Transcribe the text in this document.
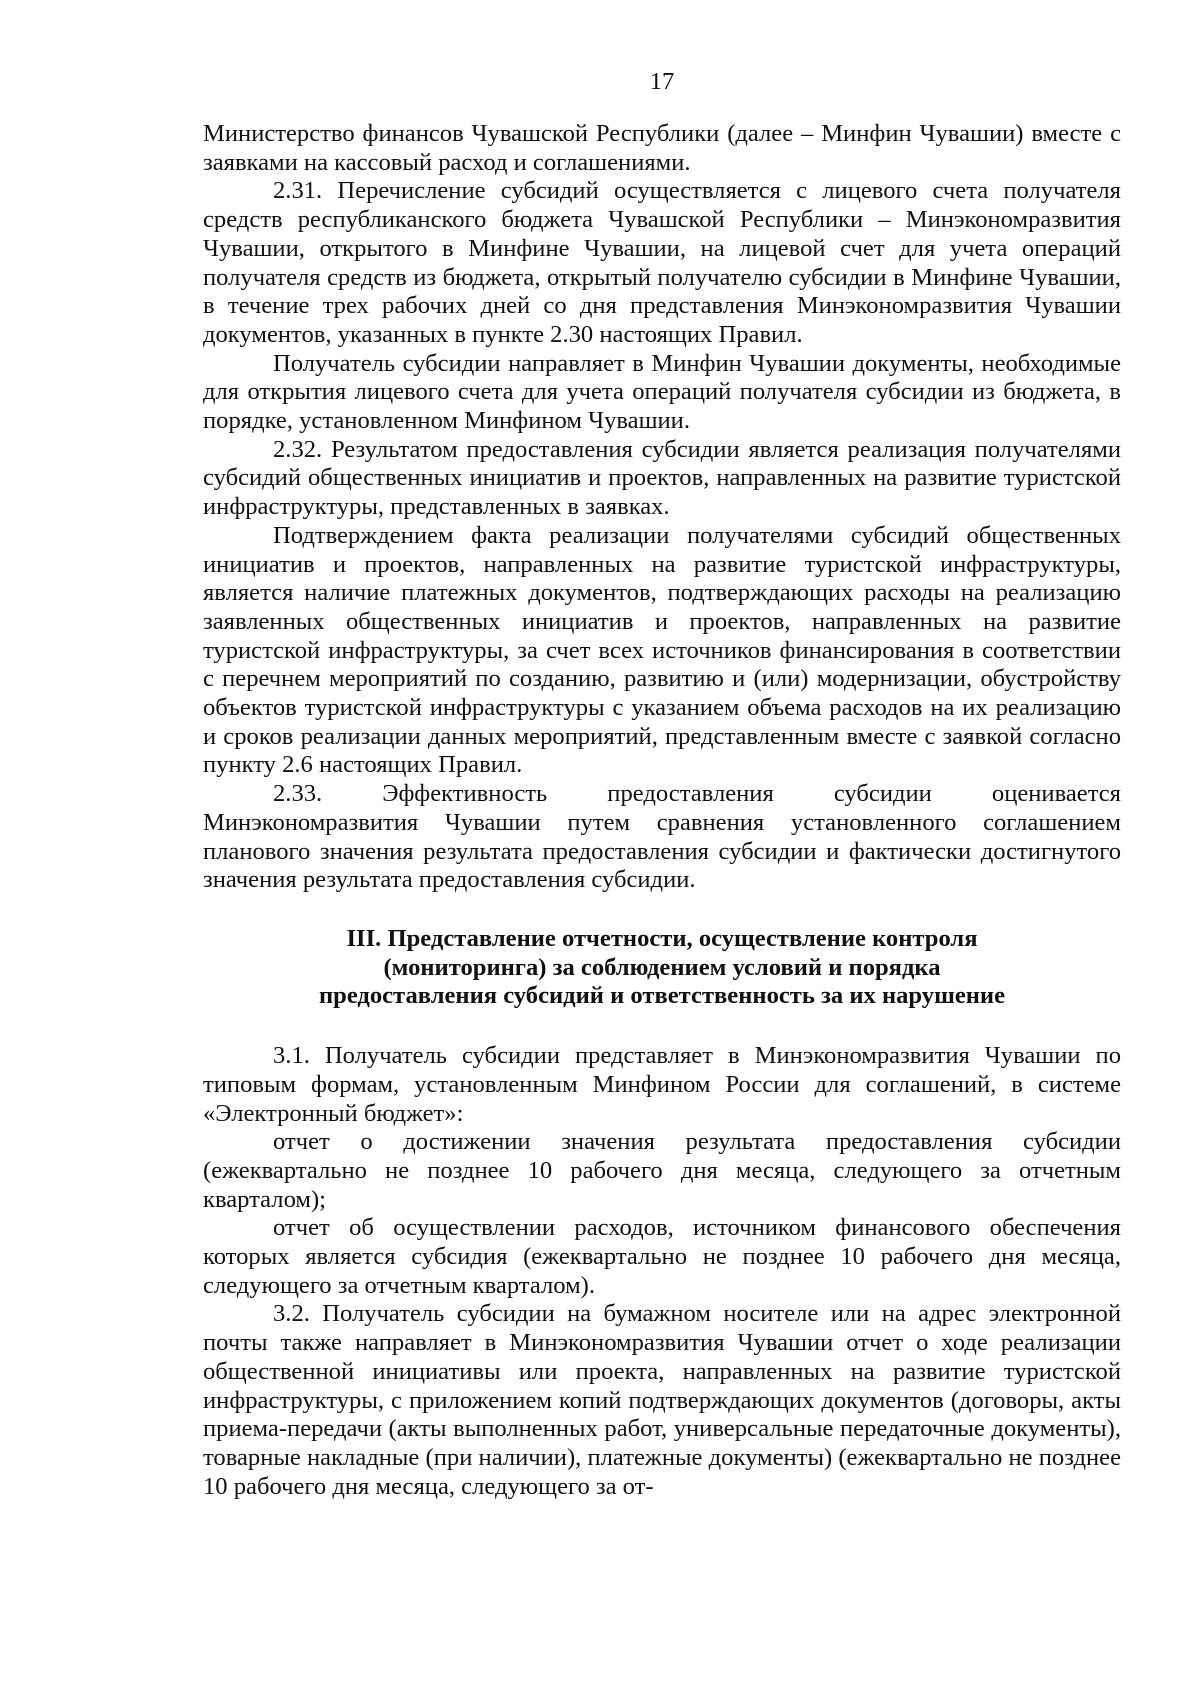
17

Министерство финансов Чувашской Республики (далее – Минфин Чувашии) вместе с заявками на кассовый расход и соглашениями.

2.31. Перечисление субсидий осуществляется с лицевого счета получателя средств республиканского бюджета Чувашской Республики – Минэкономразвития Чувашии, открытого в Минфине Чувашии, на лицевой счет для учета операций получателя средств из бюджета, открытый получателю субсидии в Минфине Чувашии, в течение трех рабочих дней со дня представления Минэкономразвития Чувашии документов, указанных в пункте 2.30 настоящих Правил.

Получатель субсидии направляет в Минфин Чувашии документы, необходимые для открытия лицевого счета для учета операций получателя субсидии из бюджета, в порядке, установленном Минфином Чувашии.

2.32. Результатом предоставления субсидии является реализация получателями субсидий общественных инициатив и проектов, направленных на развитие туристской инфраструктуры, представленных в заявках.

Подтверждением факта реализации получателями субсидий общественных инициатив и проектов, направленных на развитие туристской инфраструктуры, является наличие платежных документов, подтверждающих расходы на реализацию заявленных общественных инициатив и проектов, направленных на развитие туристской инфраструктуры, за счет всех источников финансирования в соответствии с перечнем мероприятий по созданию, развитию и (или) модернизации, обустройству объектов туристской инфраструктуры с указанием объема расходов на их реализацию и сроков реализации данных мероприятий, представленным вместе с заявкой согласно пункту 2.6 настоящих Правил.

2.33. Эффективность предоставления субсидии оценивается Минэкономразвития Чувашии путем сравнения установленного соглашением планового значения результата предоставления субсидии и фактически достигнутого значения результата предоставления субсидии.

III. Представление отчетности, осуществление контроля
(мониторинга) за соблюдением условий и порядка
предоставления субсидий и ответственность за их нарушение

3.1. Получатель субсидии представляет в Минэкономразвития Чувашии по типовым формам, установленным Минфином России для соглашений, в системе «Электронный бюджет»:

отчет о достижении значения результата предоставления субсидии (ежеквартально не позднее 10 рабочего дня месяца, следующего за отчетным кварталом);

отчет об осуществлении расходов, источником финансового обеспечения которых является субсидия (ежеквартально не позднее 10 рабочего дня месяца, следующего за отчетным кварталом).

3.2. Получатель субсидии на бумажном носителе или на адрес электронной почты также направляет в Минэкономразвития Чувашии отчет о ходе реализации общественной инициативы или проекта, направленных на развитие туристской инфраструктуры, с приложением копий подтверждающих документов (договоры, акты приема-передачи (акты выполненных работ, универсальные передаточные документы), товарные накладные (при наличии), платежные документы) (ежеквартально не позднее 10 рабочего дня месяца, следующего за от-
